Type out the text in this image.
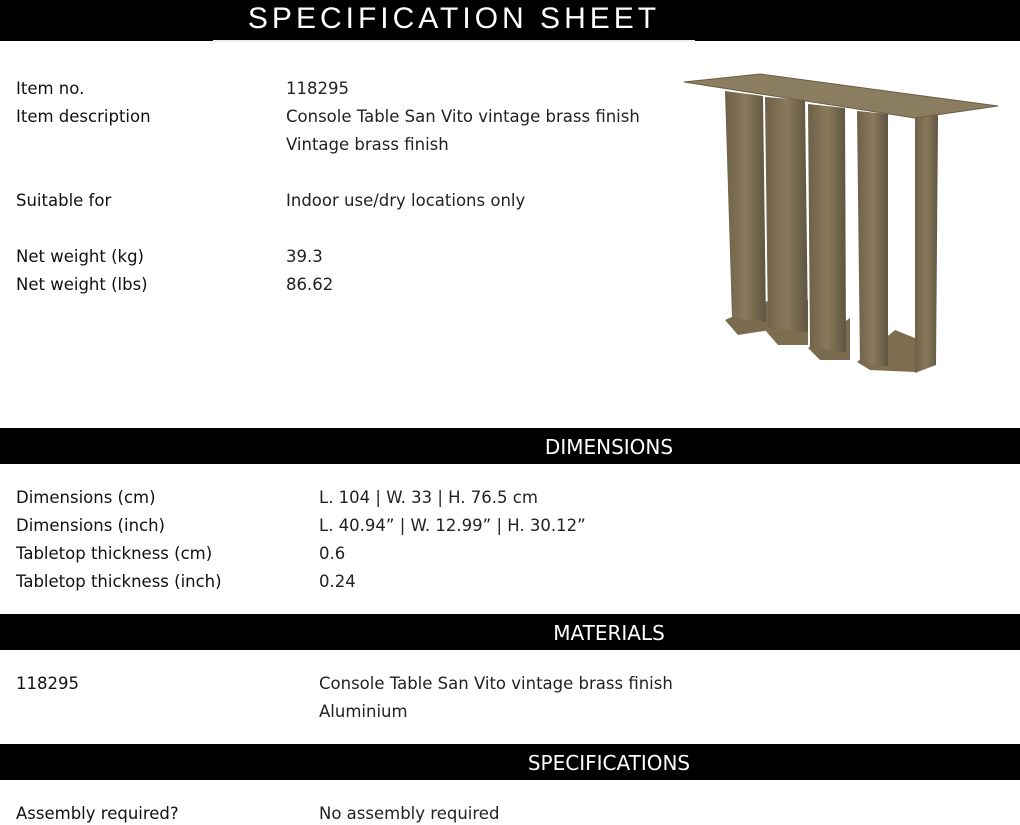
SPECIFICATION SHEET
Item no.	118295
Item description	Console Table San Vito vintage brass finish
Vintage brass finish
Suitable for	Indoor use/dry locations only
Net weight (kg)	39.3
Net weight (lbs)	86.62
DIMENSIONS
Dimensions (cm)	L. 104 | W. 33 | H. 76.5 cm
Dimensions (inch)	L. 40.94” | W. 12.99” | H. 30.12”
Tabletop thickness (cm)	0.6
Tabletop thickness (inch)	0.24
MATERIALS
118295	Console Table San Vito vintage brass finish
Aluminium
SPECIFICATIONS
Assembly required?	No assembly required
